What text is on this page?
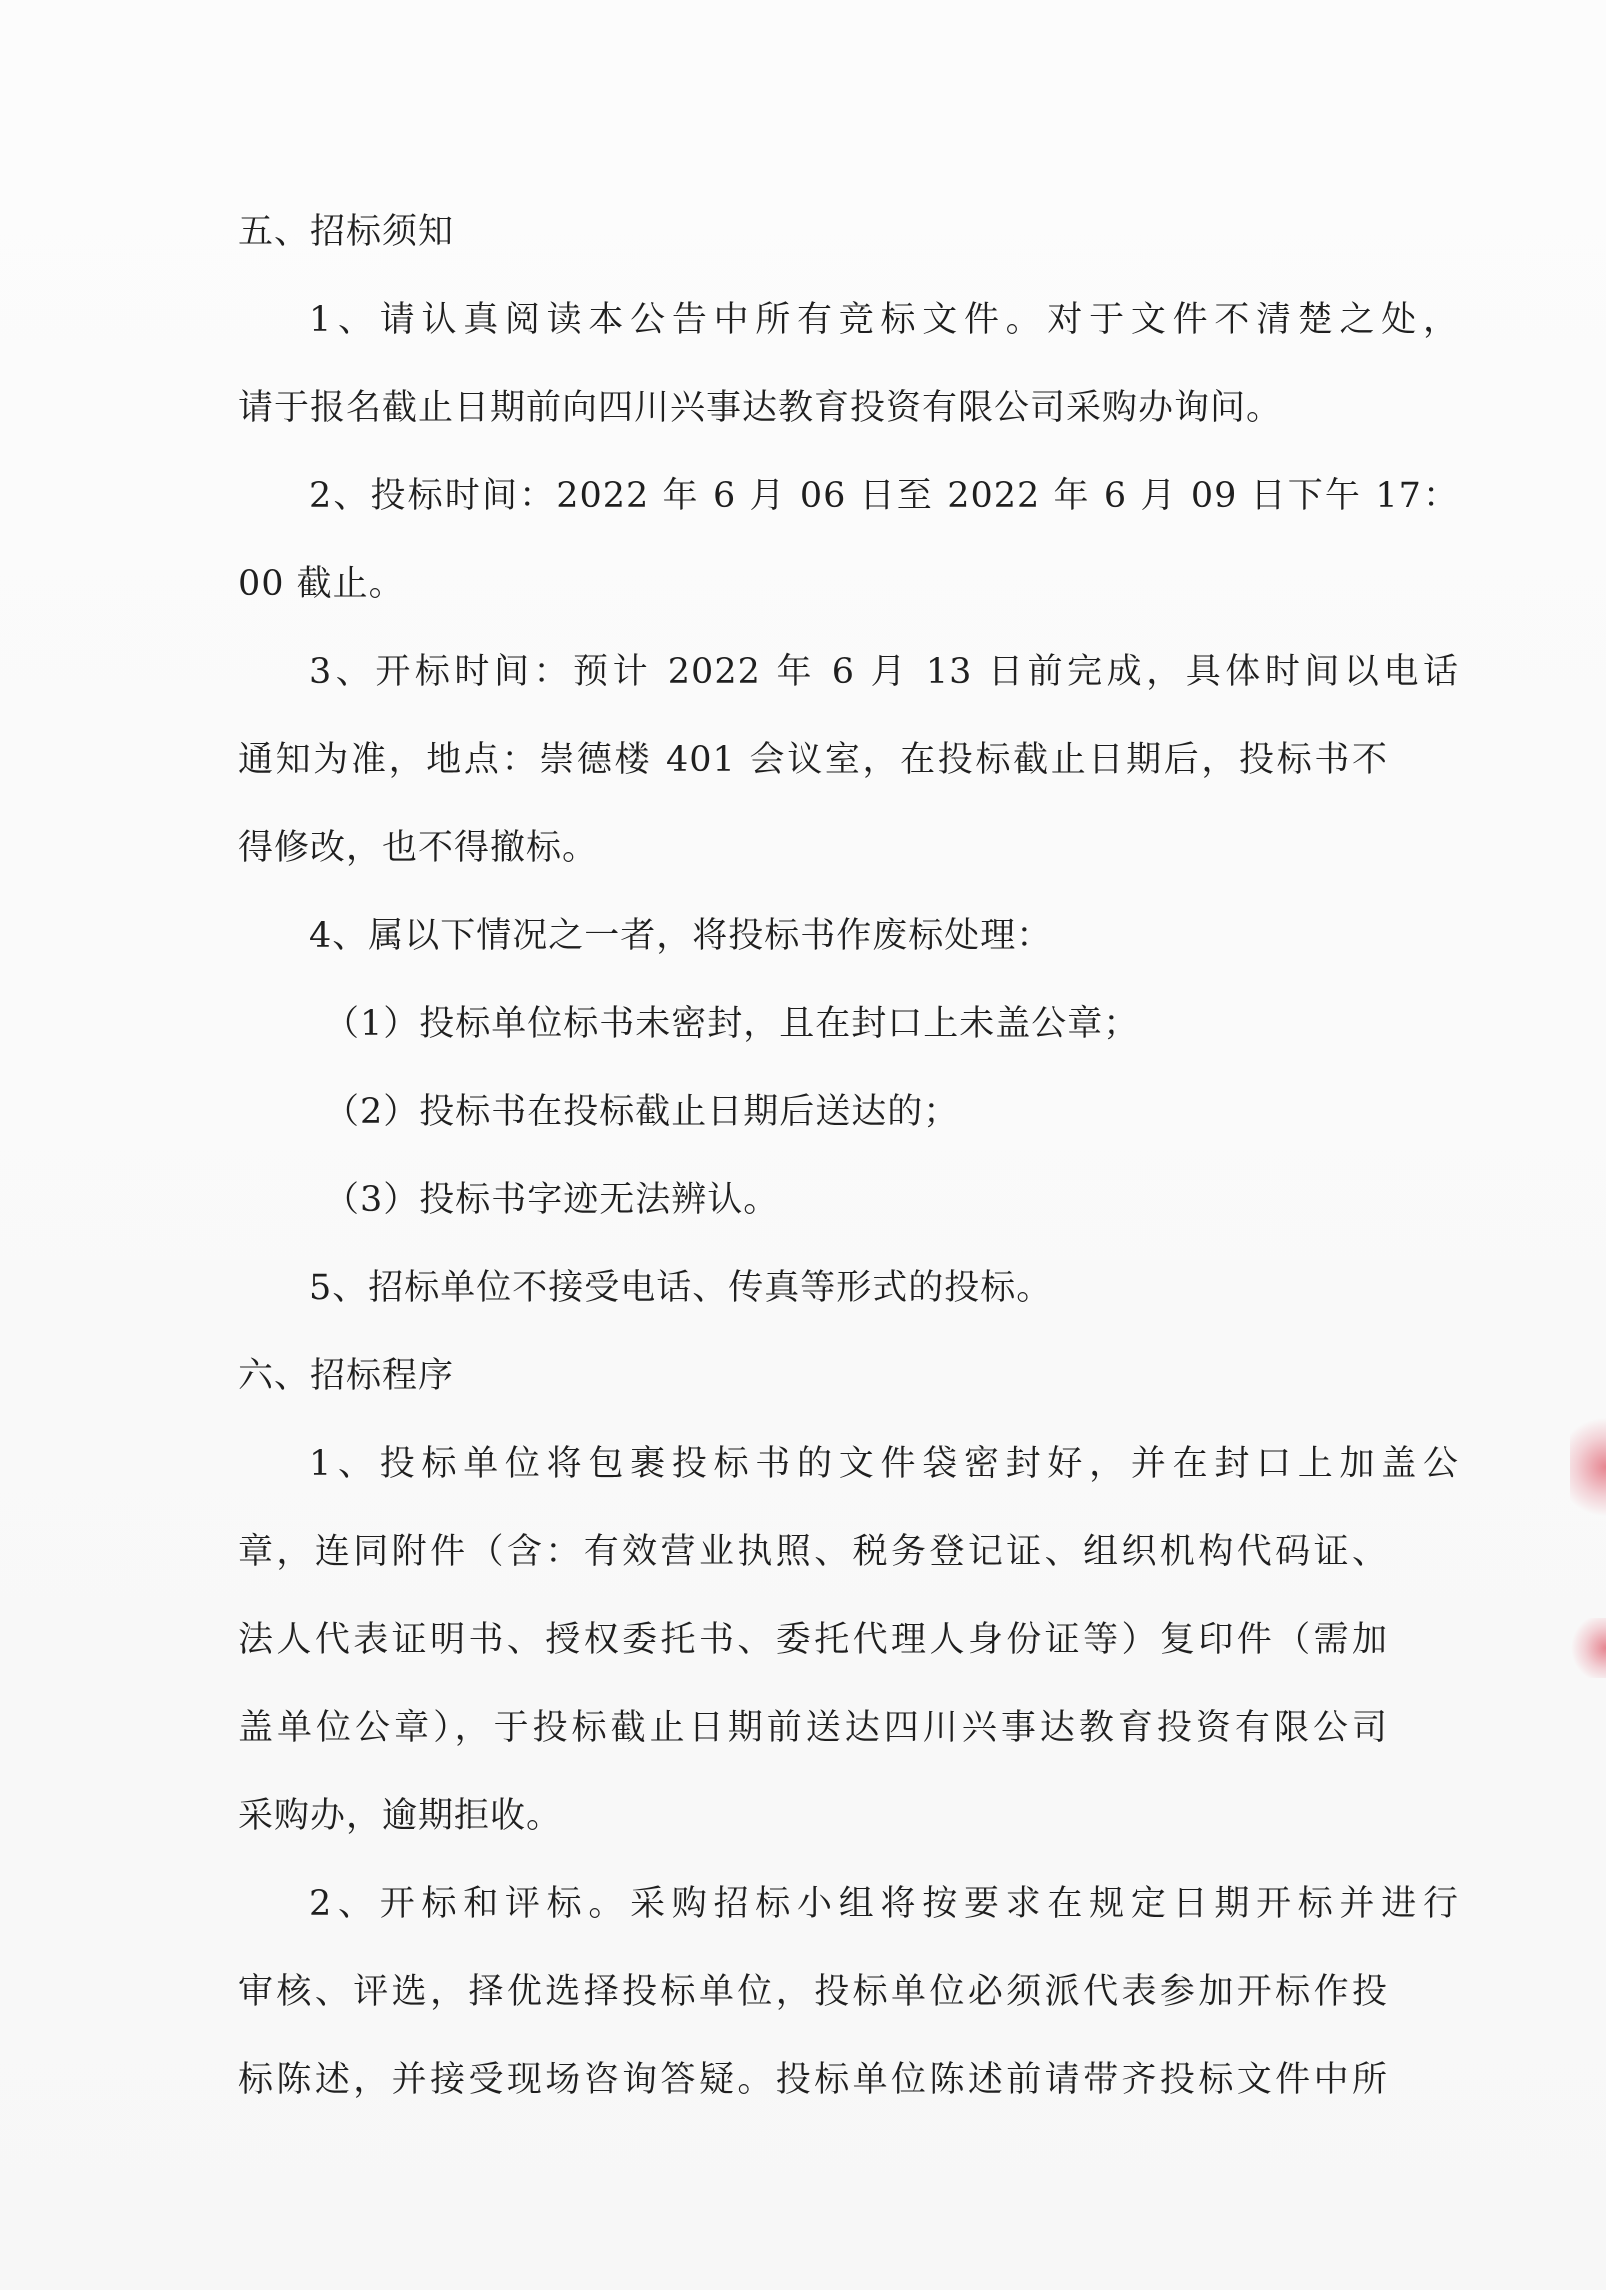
五、招标须知
1、请认真阅读本公告中所有竞标文件。对于文件不清楚之处，
请于报名截止日期前向四川兴事达教育投资有限公司采购办询问。
2、投标时间：2022 年 6 月 06 日至 2022 年 6 月 09 日下午 17：
00 截止。
3、开标时间：预计 2022 年 6 月 13 日前完成，具体时间以电话
通知为准，地点：崇德楼 401 会议室，在投标截止日期后，投标书不
得修改，也不得撤标。
4、属以下情况之一者，将投标书作废标处理：
（1）投标单位标书未密封，且在封口上未盖公章；
（2）投标书在投标截止日期后送达的；
（3）投标书字迹无法辨认。
5、招标单位不接受电话、传真等形式的投标。
六、招标程序
1、投标单位将包裹投标书的文件袋密封好，并在封口上加盖公
章，连同附件（含：有效营业执照、税务登记证、组织机构代码证、
法人代表证明书、授权委托书、委托代理人身份证等）复印件（需加
盖单位公章），于投标截止日期前送达四川兴事达教育投资有限公司
采购办，逾期拒收。
2、开标和评标。采购招标小组将按要求在规定日期开标并进行
审核、评选，择优选择投标单位，投标单位必须派代表参加开标作投
标陈述，并接受现场咨询答疑。投标单位陈述前请带齐投标文件中所
